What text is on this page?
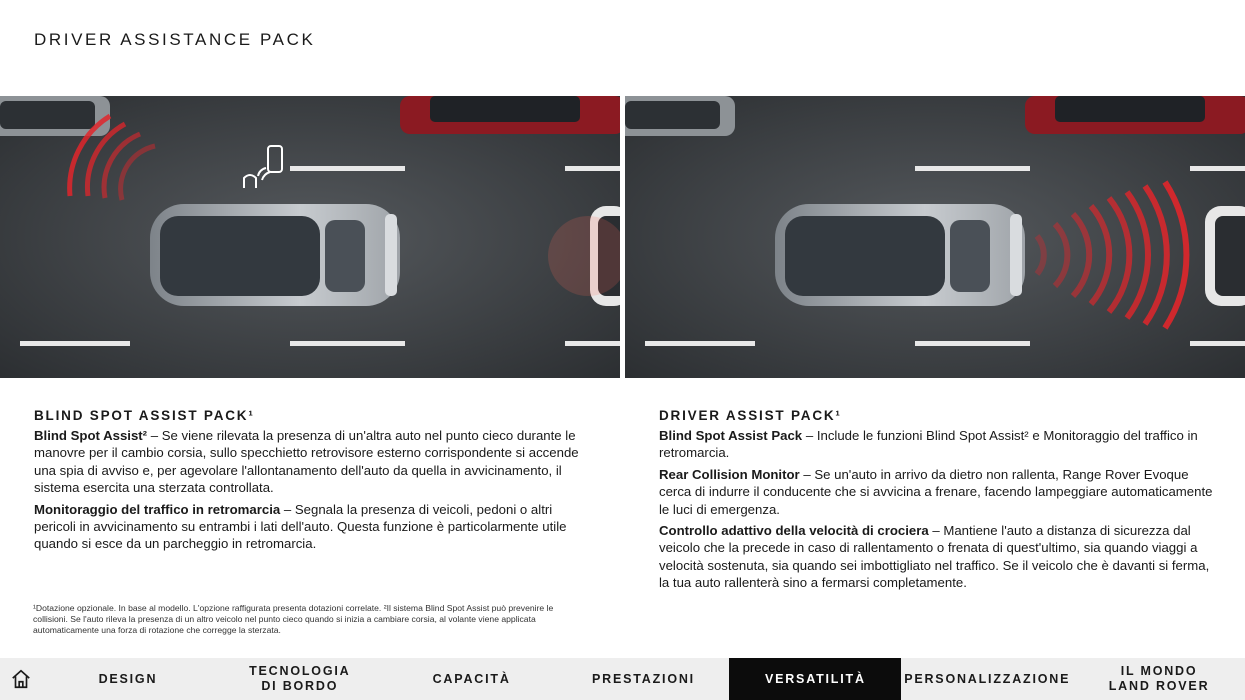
DRIVER ASSISTANCE PACK
BLIND SPOT ASSIST PACK¹

Blind Spot Assist² – Se viene rilevata la presenza di un'altra auto nel punto cieco durante le manovre per il cambio corsia, sullo specchietto retrovisore esterno corrispondente si accende una spia di avviso e, per agevolare l'allontanamento dell'auto da quella in avvicinamento, il sistema esercita una sterzata controllata.

Monitoraggio del traffico in retromarcia – Segnala la presenza di veicoli, pedoni o altri pericoli in avvicinamento su entrambi i lati dell'auto. Questa funzione è particolarmente utile quando si esce da un parcheggio in retromarcia.

DRIVER ASSIST PACK¹

Blind Spot Assist Pack – Include le funzioni Blind Spot Assist² e Monitoraggio del traffico in retromarcia.

Rear Collision Monitor – Se un'auto in arrivo da dietro non rallenta, Range Rover Evoque cerca di indurre il conducente che si avvicina a frenare, facendo lampeggiare automaticamente le luci di emergenza.

Controllo adattivo della velocità di crociera – Mantiene l'auto a distanza di sicurezza dal veicolo che la precede in caso di rallentamento o frenata di quest'ultimo, sia quando viaggi a velocità sostenuta, sia quando sei imbottigliato nel traffico. Se il veicolo che è davanti si ferma, la tua auto rallenterà sino a fermarsi completamente.

¹Dotazione opzionale. In base al modello. L'opzione raffigurata presenta dotazioni correlate. ²Il sistema Blind Spot Assist può prevenire le collisioni. Se l'auto rileva la presenza di un altro veicolo nel punto cieco quando si inizia a cambiare corsia, al volante viene applicata automaticamente una forza di rotazione che corregge la sterzata.
DESIGN
TECNOLOGIA
DI BORDO
CAPACITÀ	PRESTAZIONI	VERSATILITÀ	PERSONALIZZAZIONE
IL MONDO
LAND ROVER
